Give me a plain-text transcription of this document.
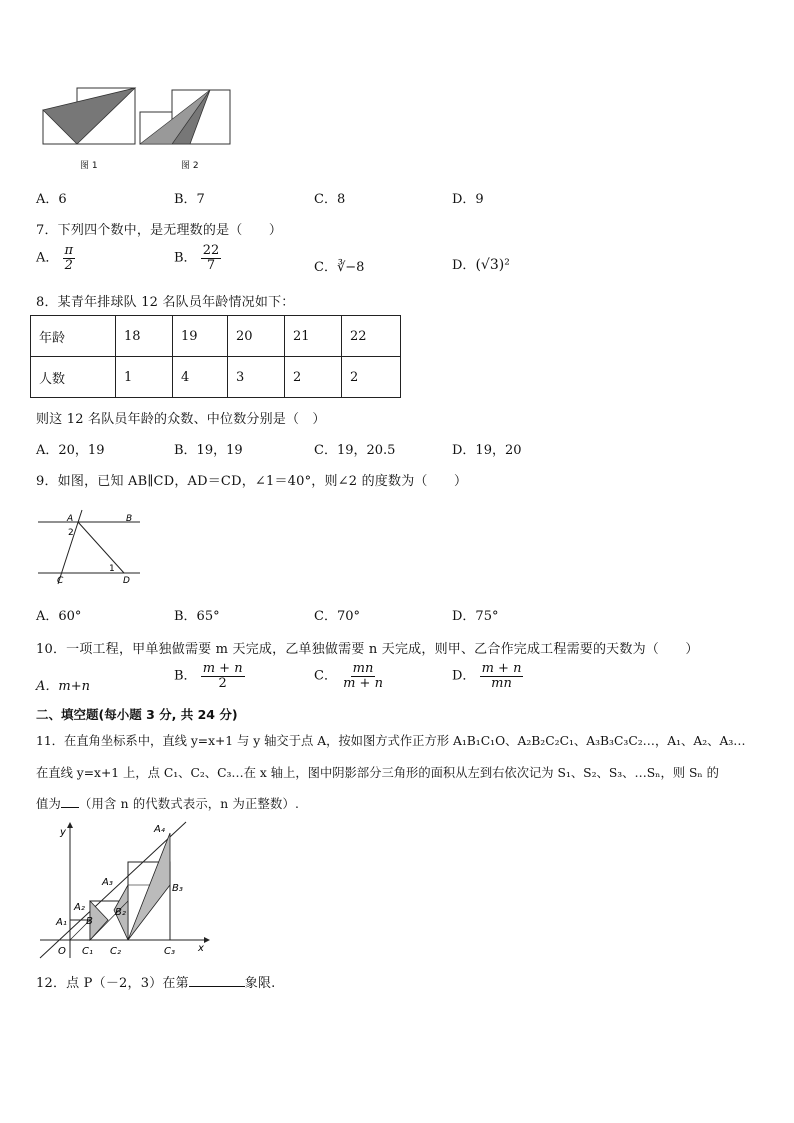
图 1	图 2
A．6	B．7	C．8	D．9
7．下列四个数中，是无理数的是（　　）
A． $\frac{\pi}{2}$	B． $\frac{22}{7}$	C．∛−8	D．(√3)²
8．某青年排球队 12 名队员年龄情况如下：
年龄	18	19	20	21	22
人数	1	4	3	2	2
则这 12 名队员年龄的众数、中位数分别是（　）
A．20，19	B．19，19	C．19，20.5	D．19，20
9．如图，已知 AB∥CD，AD＝CD，∠1＝40°，则∠2 的度数为（　　）
A	B
C	D
1
2
A．60°	B．65°	C．70°	D．75°
10．一项工程，甲单独做需要 m 天完成，乙单独做需要 n 天完成，则甲、乙合作完成工程需要的天数为（　　）
A．m+n
B． $\frac{m + n}{2}$	C． $\frac{mn}{m + n}$	D． $\frac{m + n}{mn}$
二、填空题(每小题 3 分, 共 24 分)
11．在直角坐标系中，直线 y=x+1 与 y 轴交于点 A，按如图方式作正方形 A₁B₁C₁O、A₂B₂C₂C₁、A₃B₃C₃C₂…，A₁、A₂、A₃…
在直线 y=x+1 上，点 C₁、C₂、C₃…在 x 轴上，图中阴影部分三角形的面积从左到右依次记为 S₁、S₂、S₃、…Sₙ，则 Sₙ 的
值为 （用含 n 的代数式表示，n 为正整数）.
y
x
O
A₁
A₂
A₃
A₄
B
B₂
B₃
C₁ C₂	C₃
12．点 P（－2，3）在第	象限.
